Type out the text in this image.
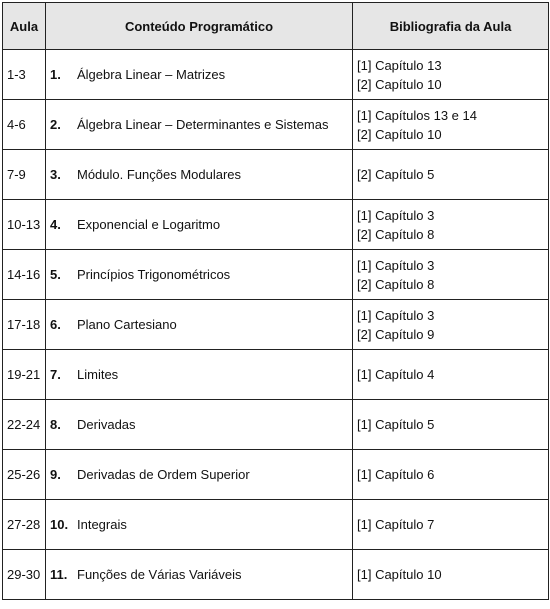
Aula	Conteúdo Programático	Bibliografia da Aula
1-3	1. Álgebra Linear – Matrizes	[1] Capítulo 13
[2] Capítulo 10

4-6	2. Álgebra Linear – Determinantes e Sistemas	[1] Capítulos 13 e 14
[2] Capítulo 10

7-9	3. Módulo. Funções Modulares	[2] Capítulo 5

10-13	4. Exponencial e Logaritmo	[1] Capítulo 3
[2] Capítulo 8

14-16	5. Princípios Trigonométricos	[1] Capítulo 3
[2] Capítulo 8

17-18	6. Plano Cartesiano	[1] Capítulo 3
[2] Capítulo 9

19-21	7. Limites	[1] Capítulo 4

22-24	8. Derivadas	[1] Capítulo 5

25-26	9. Derivadas de Ordem Superior	[1] Capítulo 6

27-28	10. Integrais	[1] Capítulo 7

29-30	11. Funções de Várias Variáveis	[1] Capítulo 10
